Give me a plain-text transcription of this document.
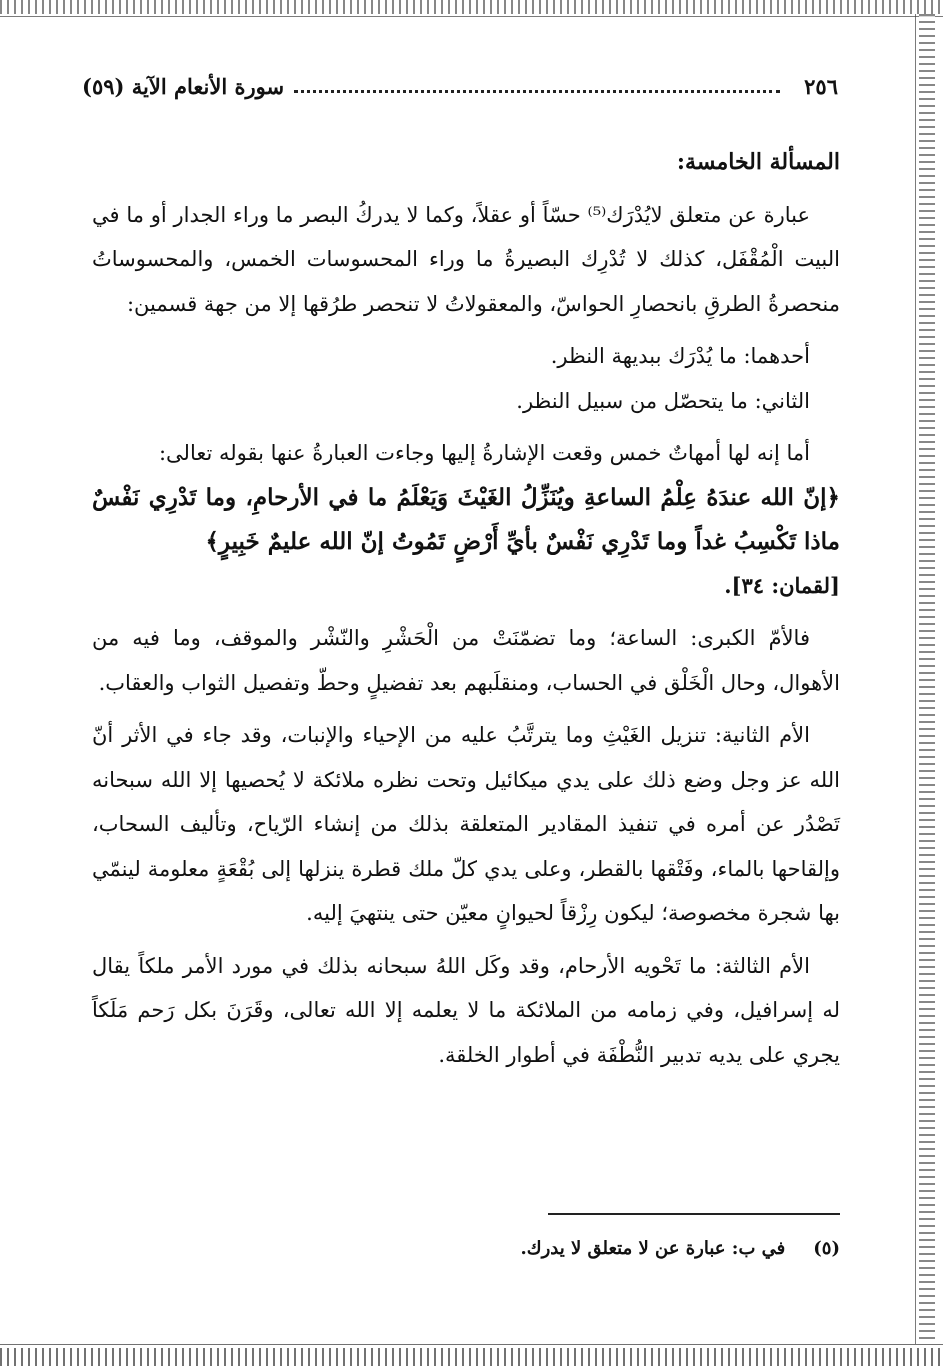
٢٥٦
سورة الأنعام الآية (٥٩)

المسألة الخامسة:

عبارة عن متعلق لايُدْرَك⁽⁵⁾ حسّاً أو عقلاً، وكما لا يدركُ البصر ما وراء الجدار أو ما في البيت الْمُقْفَل، كذلك لا تُدْرِك البصيرةُ ما وراء المحسوسات الخمس، والمحسوساتُ منحصرةُ الطرقِ بانحصارِ الحواسّ، والمعقولاتُ لا تنحصر طرُقها إلا من جهة قسمين:

أحدهما: ما يُدْرَك ببديهة النظر.

الثاني: ما يتحصّل من سبيل النظر.

أما إنه لها أمهاتٌ خمس وقعت الإشارةُ إليها وجاءت العبارةُ عنها بقوله تعالى:

﴿إنّ الله عندَهُ عِلْمُ الساعةِ ويُنَزِّلُ الغَيْثَ وَيَعْلَمُ ما في الأرحامِ، وما تَدْرِي نَفْسٌ ماذا تَكْسِبُ غداً وما تَدْرِي نَفْسٌ بأيِّ أَرْضٍ تَمُوتُ إنّ الله عليمٌ خَبِيرٍ﴾

[لقمان: ٣٤].

فالأمّ الكبرى: الساعة؛ وما تضمّنَتْ من الْحَشْرِ والنّشْر والموقف، وما فيه من الأهوال، وحال الْخَلْق في الحساب، ومنقلَبهم بعد تفضيلٍ وحطّ وتفصيل الثواب والعقاب.

الأم الثانية: تنزيل الغَيْثِ وما يترتَّبُ عليه من الإحياء والإنبات، وقد جاء في الأثر أنّ الله عز وجل وضع ذلك على يدي ميكائيل وتحت نظره ملائكة لا يُحصيها إلا الله سبحانه تَصْدُر عن أمره في تنفيذ المقادير المتعلقة بذلك من إنشاء الرّياح، وتأليف السحاب، وإلقاحها بالماء، وفَتْقها بالقطر، وعلى يدي كلّ ملك قطرة ينزلها إلى بُقْعَةٍ معلومة لينمّي بها شجرة مخصوصة؛ ليكون رِزْقاً لحيوانٍ معيّن حتى ينتهيَ إليه.

الأم الثالثة: ما تَحْويه الأرحام، وقد وكَل اللهُ سبحانه بذلك في مورد الأمر ملكاً يقال له إسرافيل، وفي زمامه من الملائكة ما لا يعلمه إلا الله تعالى، وقَرَنَ بكل رَحم مَلَكاً يجري على يديه تدبير النُّطْفَة في أطوار الخلقة.

(٥)
في ب: عبارة عن لا متعلق لا يدرك.
